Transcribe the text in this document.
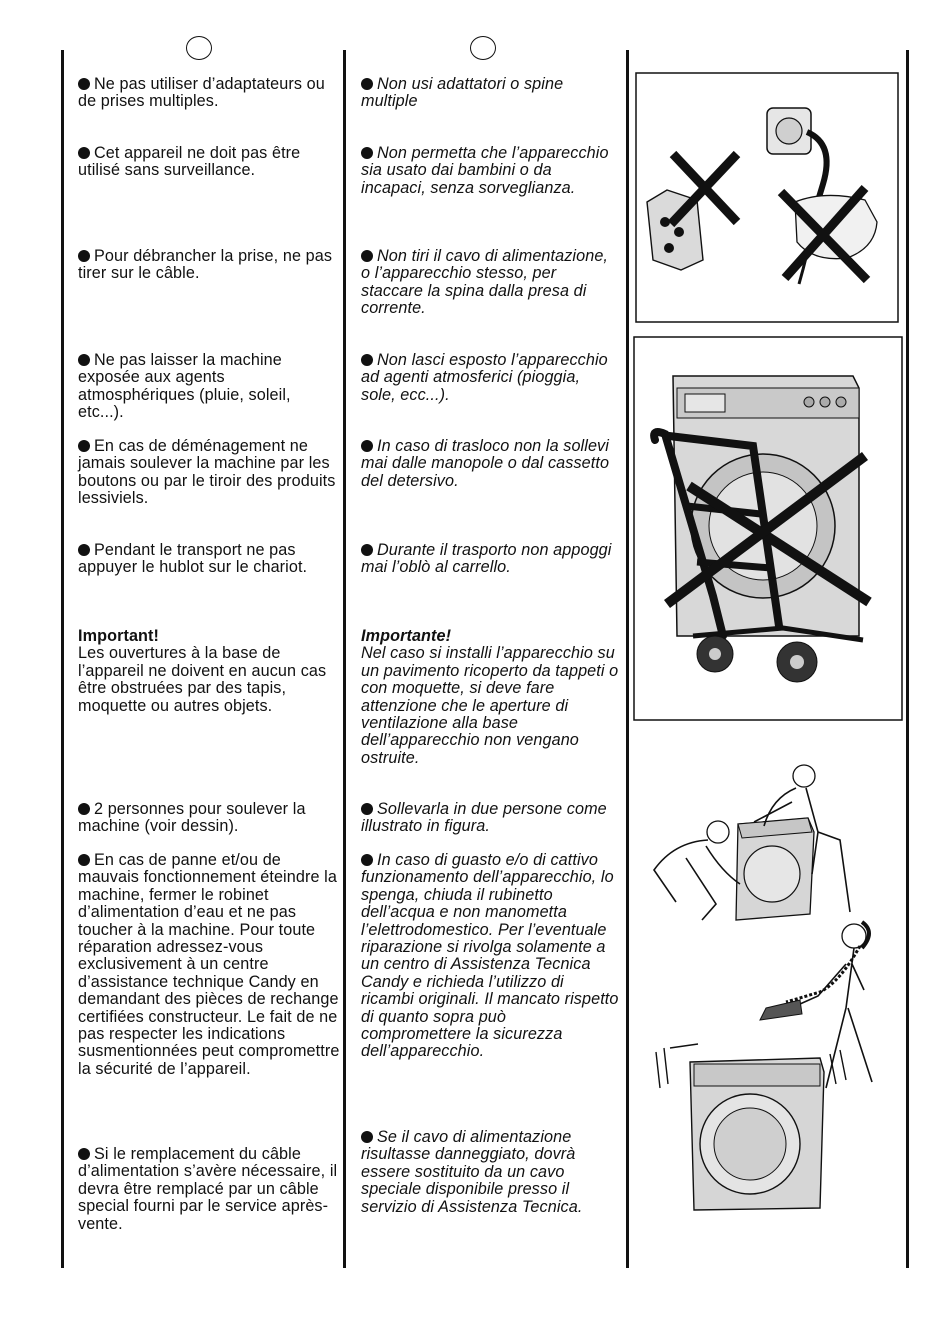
Ne pas utiliser d’adaptateurs ou de prises multiples.

Cet appareil ne doit pas être utilisé sans surveillance.

Pour débrancher la prise, ne pas tirer sur le câble.

Ne pas laisser la machine exposée aux agents atmosphériques (pluie, soleil, etc...).

En cas de déménagement ne jamais soulever la machine par les boutons ou par le tiroir des produits lessiviels.

Pendant le transport ne pas appuyer le hublot sur le chariot.

Important!
Les ouvertures à la base de l’appareil ne doivent en aucun cas être obstruées par des tapis, moquette ou autres objets.

2 personnes pour soulever la machine (voir dessin).

En cas de panne et/ou de mauvais fonctionnement éteindre la machine, fermer le robinet d’alimentation d’eau et ne pas toucher à la machine. Pour toute réparation adressez-vous exclusivement à un centre d’assistance technique Candy en demandant des pièces de rechange certifiées constructeur. Le fait de ne pas respecter les indications susmentionnées peut compromettre la sécurité de l’appareil.

Si le remplacement du câble d’alimentation s’avère nécessaire, il devra être remplacé par un câble special fourni par le service après-vente.

Non usi adattatori o spine multiple

Non permetta che l’apparecchio sia usato dai bambini o da incapaci, senza sorveglianza.

Non tiri il cavo di alimentazione, o l’apparecchio stesso, per staccare la spina dalla presa di corrente.

Non lasci esposto l’apparecchio ad agenti atmosferici (pioggia, sole, ecc...).

In caso di trasloco non la sollevi mai dalle manopole o dal cassetto del detersivo.

Durante il trasporto non appoggi mai l’oblò al carrello.

Importante!
Nel caso si installi l’apparecchio su un pavimento ricoperto da tappeti o con moquette, si deve fare attenzione che le aperture di ventilazione alla base dell’apparecchio non vengano ostruite.

Sollevarla in due persone come illustrato in figura.

In caso di guasto e/o di cattivo funzionamento dell’apparecchio, lo spenga, chiuda il rubinetto dell’acqua e non manometta l’elettrodomestico. Per l’eventuale riparazione si rivolga solamente a un centro di Assistenza Tecnica Candy e richieda l’utilizzo di ricambi originali. Il mancato rispetto di quanto sopra può compromettere la sicurezza dell’apparecchio.

Se il cavo di alimentazione risultasse danneggiato, dovrà essere sostituito da un cavo speciale disponibile presso il servizio di Assistenza Tecnica.
